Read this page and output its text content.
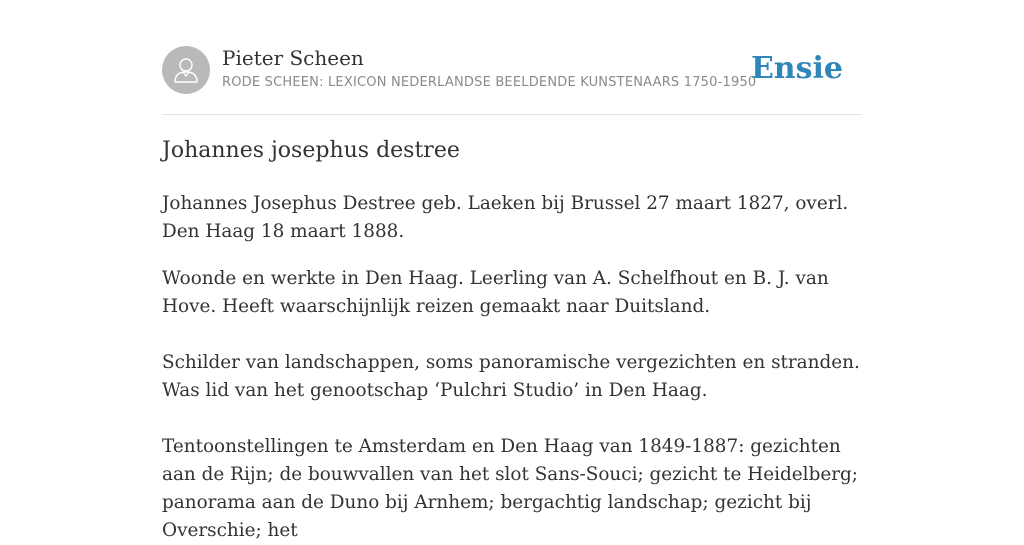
Pieter Scheen
RODE SCHEEN: LEXICON NEDERLANDSE BEELDENDE KUNSTENAARS 1750-1950
Ensie
Johannes josephus destree

Johannes Josephus Destree geb. Laeken bij Brussel 27 maart 1827, overl. Den Haag 18 maart 1888.

Woonde en werkte in Den Haag. Leerling van A. Schelfhout en B. J. van Hove. Heeft waarschijnlijk reizen gemaakt naar Duitsland.

Schilder van landschappen, soms panoramische vergezichten en stranden. Was lid van het genootschap ‘Pulchri Studio’ in Den Haag.

Tentoonstellingen te Amsterdam en Den Haag van 1849-1887: gezichten aan de Rijn; de bouwvallen van het slot Sans-Souci; gezicht te Heidelberg; panorama aan de Duno bij Arnhem; bergachtig landschap; gezicht bij Overschie; het
